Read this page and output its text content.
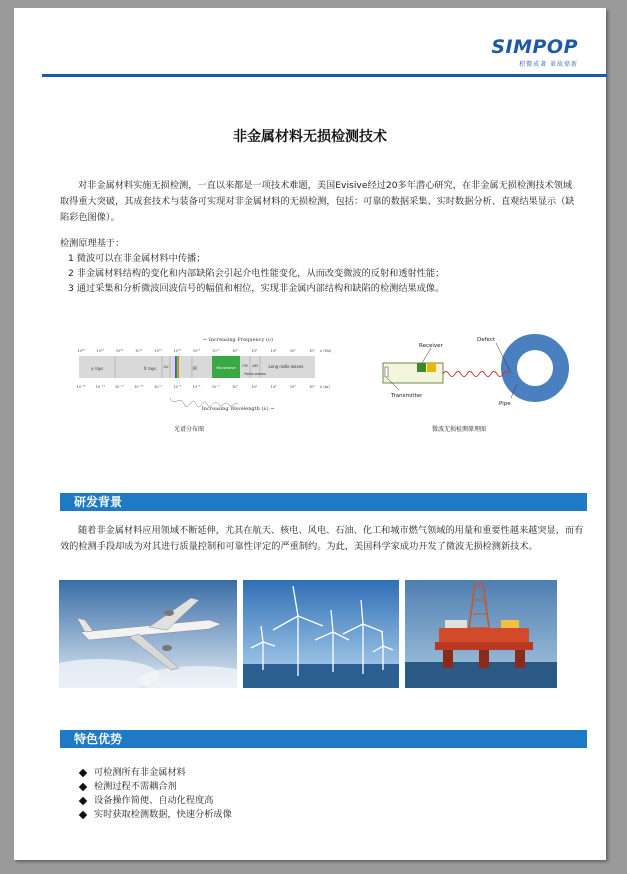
SIMPOP
积微成著 革故鼎新
非金属材料无损检测技术
对非金属材料实施无损检测，一直以来都是一项技术难题，美国Evisive经过20多年潜心研究，在非金属无损检测技术领域取得重大突破，其成套技术与装备可实现对非金属材料的无损检测，包括：可靠的数据采集、实时数据分析、直观结果显示（缺陷彩色图像）。
检测原理基于：
1 微波可以在非金属材料中传播；
2 非金属材料结构的变化和内部缺陷会引起介电性能变化，从而改变微波的反射和透射性能；
3 通过采集和分析微波回波信号的幅值和相位，实现非金属内部结构和缺陷的检测结果成像。
← Increasing Frequency (ν)
10²⁴	10²²	10²⁰	10¹⁸	10¹⁶	10¹⁴	10¹²	10¹⁰	10⁸	10⁶	10⁴	10²	10⁰ ν (Hz)
γ rays	X rays UV	IR	Microwave FM AM	Long radio waves
Radio waves
10⁻¹⁶	10⁻¹⁴	10⁻¹²	10⁻¹⁰	10⁻⁸	10⁻⁶	10⁻⁴	10⁻²	10⁰	10²	10⁴	10⁶	10⁸ λ (m)
Increasing Wavelength (λ) →
光谱分布图
Receiver
Transmitter
Defect
Pipe
微波无损检测原理图
研发背景
随着非金属材料应用领域不断延伸，尤其在航天、核电、风电、石油、化工和城市燃气领域的用量和重要性越来越突显，而有效的检测手段却成为对其进行质量控制和可靠性评定的严重制约。为此，美国科学家成功开发了微波无损检测新技术。
特色优势
可检测所有非金属材料
检测过程不需耦合剂
设备操作简便、自动化程度高
实时获取检测数据，快速分析成像
